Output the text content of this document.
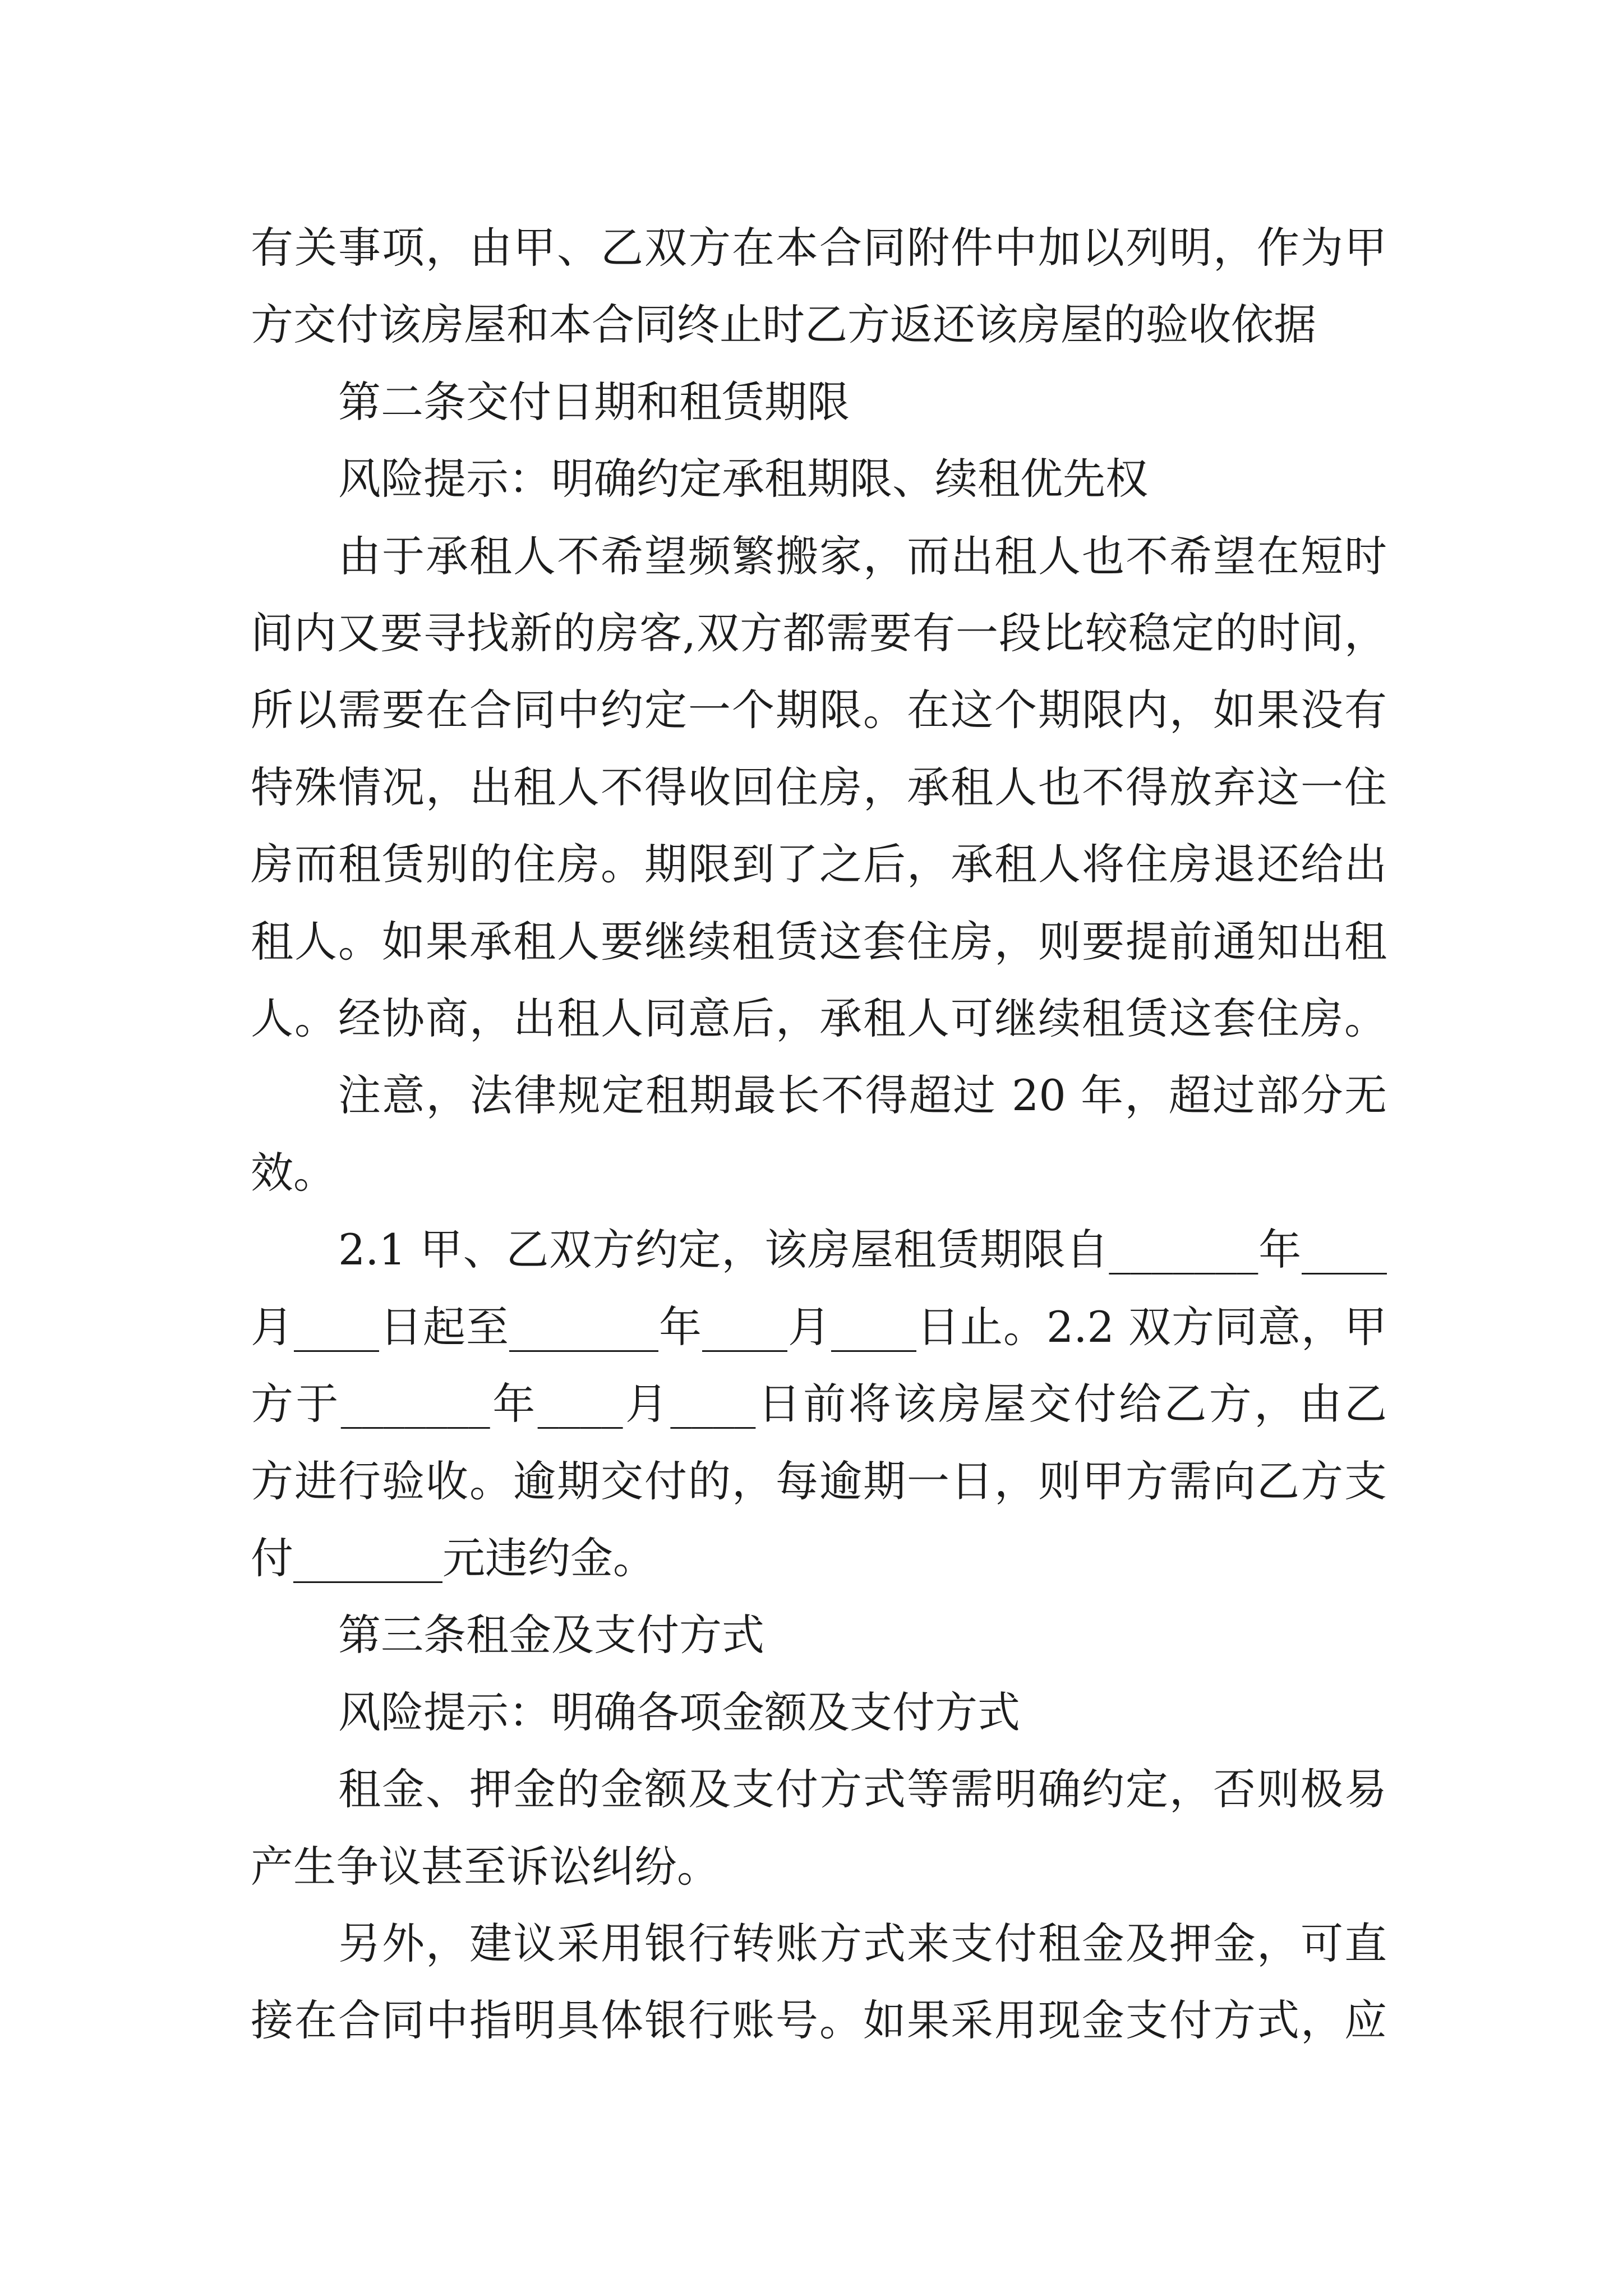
有关事项，由甲、乙双方在本合同附件中加以列明，作为甲
方交付该房屋和本合同终止时乙方返还该房屋的验收依据
第二条交付日期和租赁期限
风险提示：明确约定承租期限、续租优先权
由于承租人不希望频繁搬家，而出租人也不希望在短时
间内又要寻找新的房客,双方都需要有一段比较稳定的时间，
所以需要在合同中约定一个期限。在这个期限内，如果没有
特殊情况，出租人不得收回住房，承租人也不得放弃这一住
房而租赁别的住房。期限到了之后，承租人将住房退还给出
租人。如果承租人要继续租赁这套住房，则要提前通知出租
人。经协商，出租人同意后，承租人可继续租赁这套住房。
注意，法律规定租期最长不得超过 20 年，超过部分无
效。
2.1 甲、乙双方约定，该房屋租赁期限自_______年____
月____日起至_______年____月____日止。2.2 双方同意，甲
方于_______年____月____日前将该房屋交付给乙方，由乙
方进行验收。逾期交付的，每逾期一日，则甲方需向乙方支
付_______元违约金。
第三条租金及支付方式
风险提示：明确各项金额及支付方式
租金、押金的金额及支付方式等需明确约定，否则极易
产生争议甚至诉讼纠纷。
另外，建议采用银行转账方式来支付租金及押金，可直
接在合同中指明具体银行账号。如果采用现金支付方式，应
